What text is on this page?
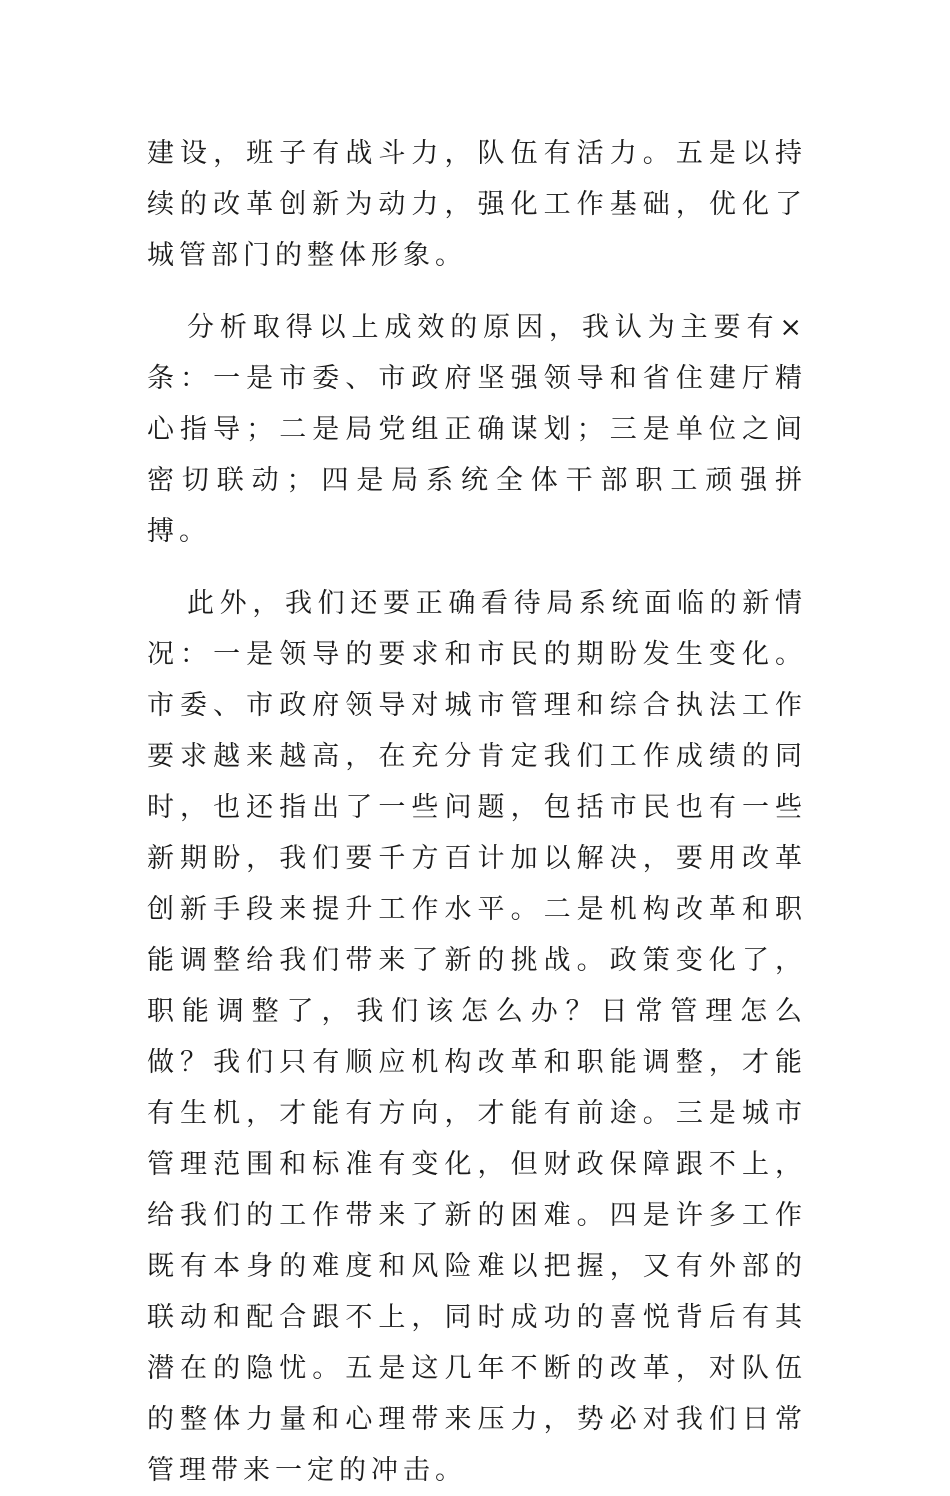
建设，班子有战斗力，队伍有活力。五是以持续的改革创新为动力，强化工作基础，优化了城管部门的整体形象。

分析取得以上成效的原因，我认为主要有×条：一是市委、市政府坚强领导和省住建厅精心指导；二是局党组正确谋划；三是单位之间密切联动；四是局系统全体干部职工顽强拼搏。

此外，我们还要正确看待局系统面临的新情况：一是领导的要求和市民的期盼发生变化。市委、市政府领导对城市管理和综合执法工作要求越来越高，在充分肯定我们工作成绩的同时，也还指出了一些问题，包括市民也有一些新期盼，我们要千方百计加以解决，要用改革创新手段来提升工作水平。二是机构改革和职能调整给我们带来了新的挑战。政策变化了，职能调整了，我们该怎么办？日常管理怎么做？我们只有顺应机构改革和职能调整，才能有生机，才能有方向，才能有前途。三是城市管理范围和标准有变化，但财政保障跟不上，给我们的工作带来了新的困难。四是许多工作既有本身的难度和风险难以把握，又有外部的联动和配合跟不上，同时成功的喜悦背后有其潜在的隐忧。五是这几年不断的改革，对队伍的整体力量和心理带来压力，势必对我们日常管理带来一定的冲击。
